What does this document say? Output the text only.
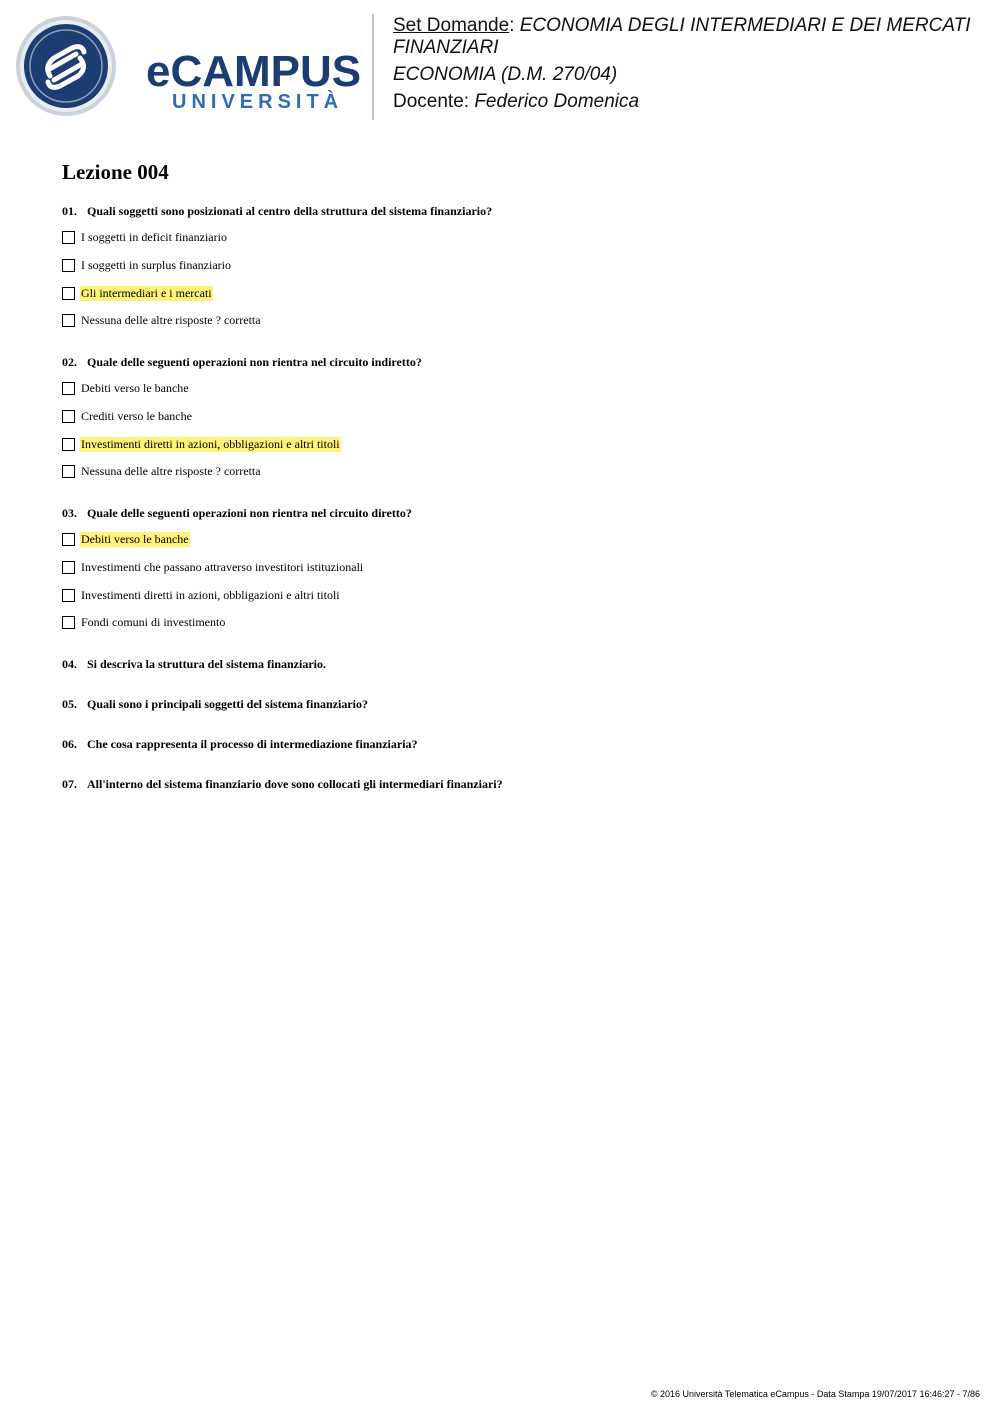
eCAMPUS
UNIVERSITÀ
Set Domande: ECONOMIA DEGLI INTERMEDIARI E DEI MERCATI
FINANZIARI
ECONOMIA (D.M. 270/04)
Docente: Federico Domenica
Lezione 004
01. Quali soggetti sono posizionati al centro della struttura del sistema finanziario?
I soggetti in deficit finanziario
I soggetti in surplus finanziario
Gli intermediari e i mercati
Nessuna delle altre risposte ? corretta
02. Quale delle seguenti operazioni non rientra nel circuito indiretto?
Debiti verso le banche
Crediti verso le banche
Investimenti diretti in azioni, obbligazioni e altri titoli
Nessuna delle altre risposte ? corretta
03. Quale delle seguenti operazioni non rientra nel circuito diretto?
Debiti verso le banche
Investimenti che passano attraverso investitori istituzionali
Investimenti diretti in azioni, obbligazioni e altri titoli
Fondi comuni di investimento
04. Si descriva la struttura del sistema finanziario.
05. Quali sono i principali soggetti del sistema finanziario?
06. Che cosa rappresenta il processo di intermediazione finanziaria?
07. All'interno del sistema finanziario dove sono collocati gli intermediari finanziari?
© 2016 Università Telematica eCampus - Data Stampa 19/07/2017 16:46:27 - 7/86
